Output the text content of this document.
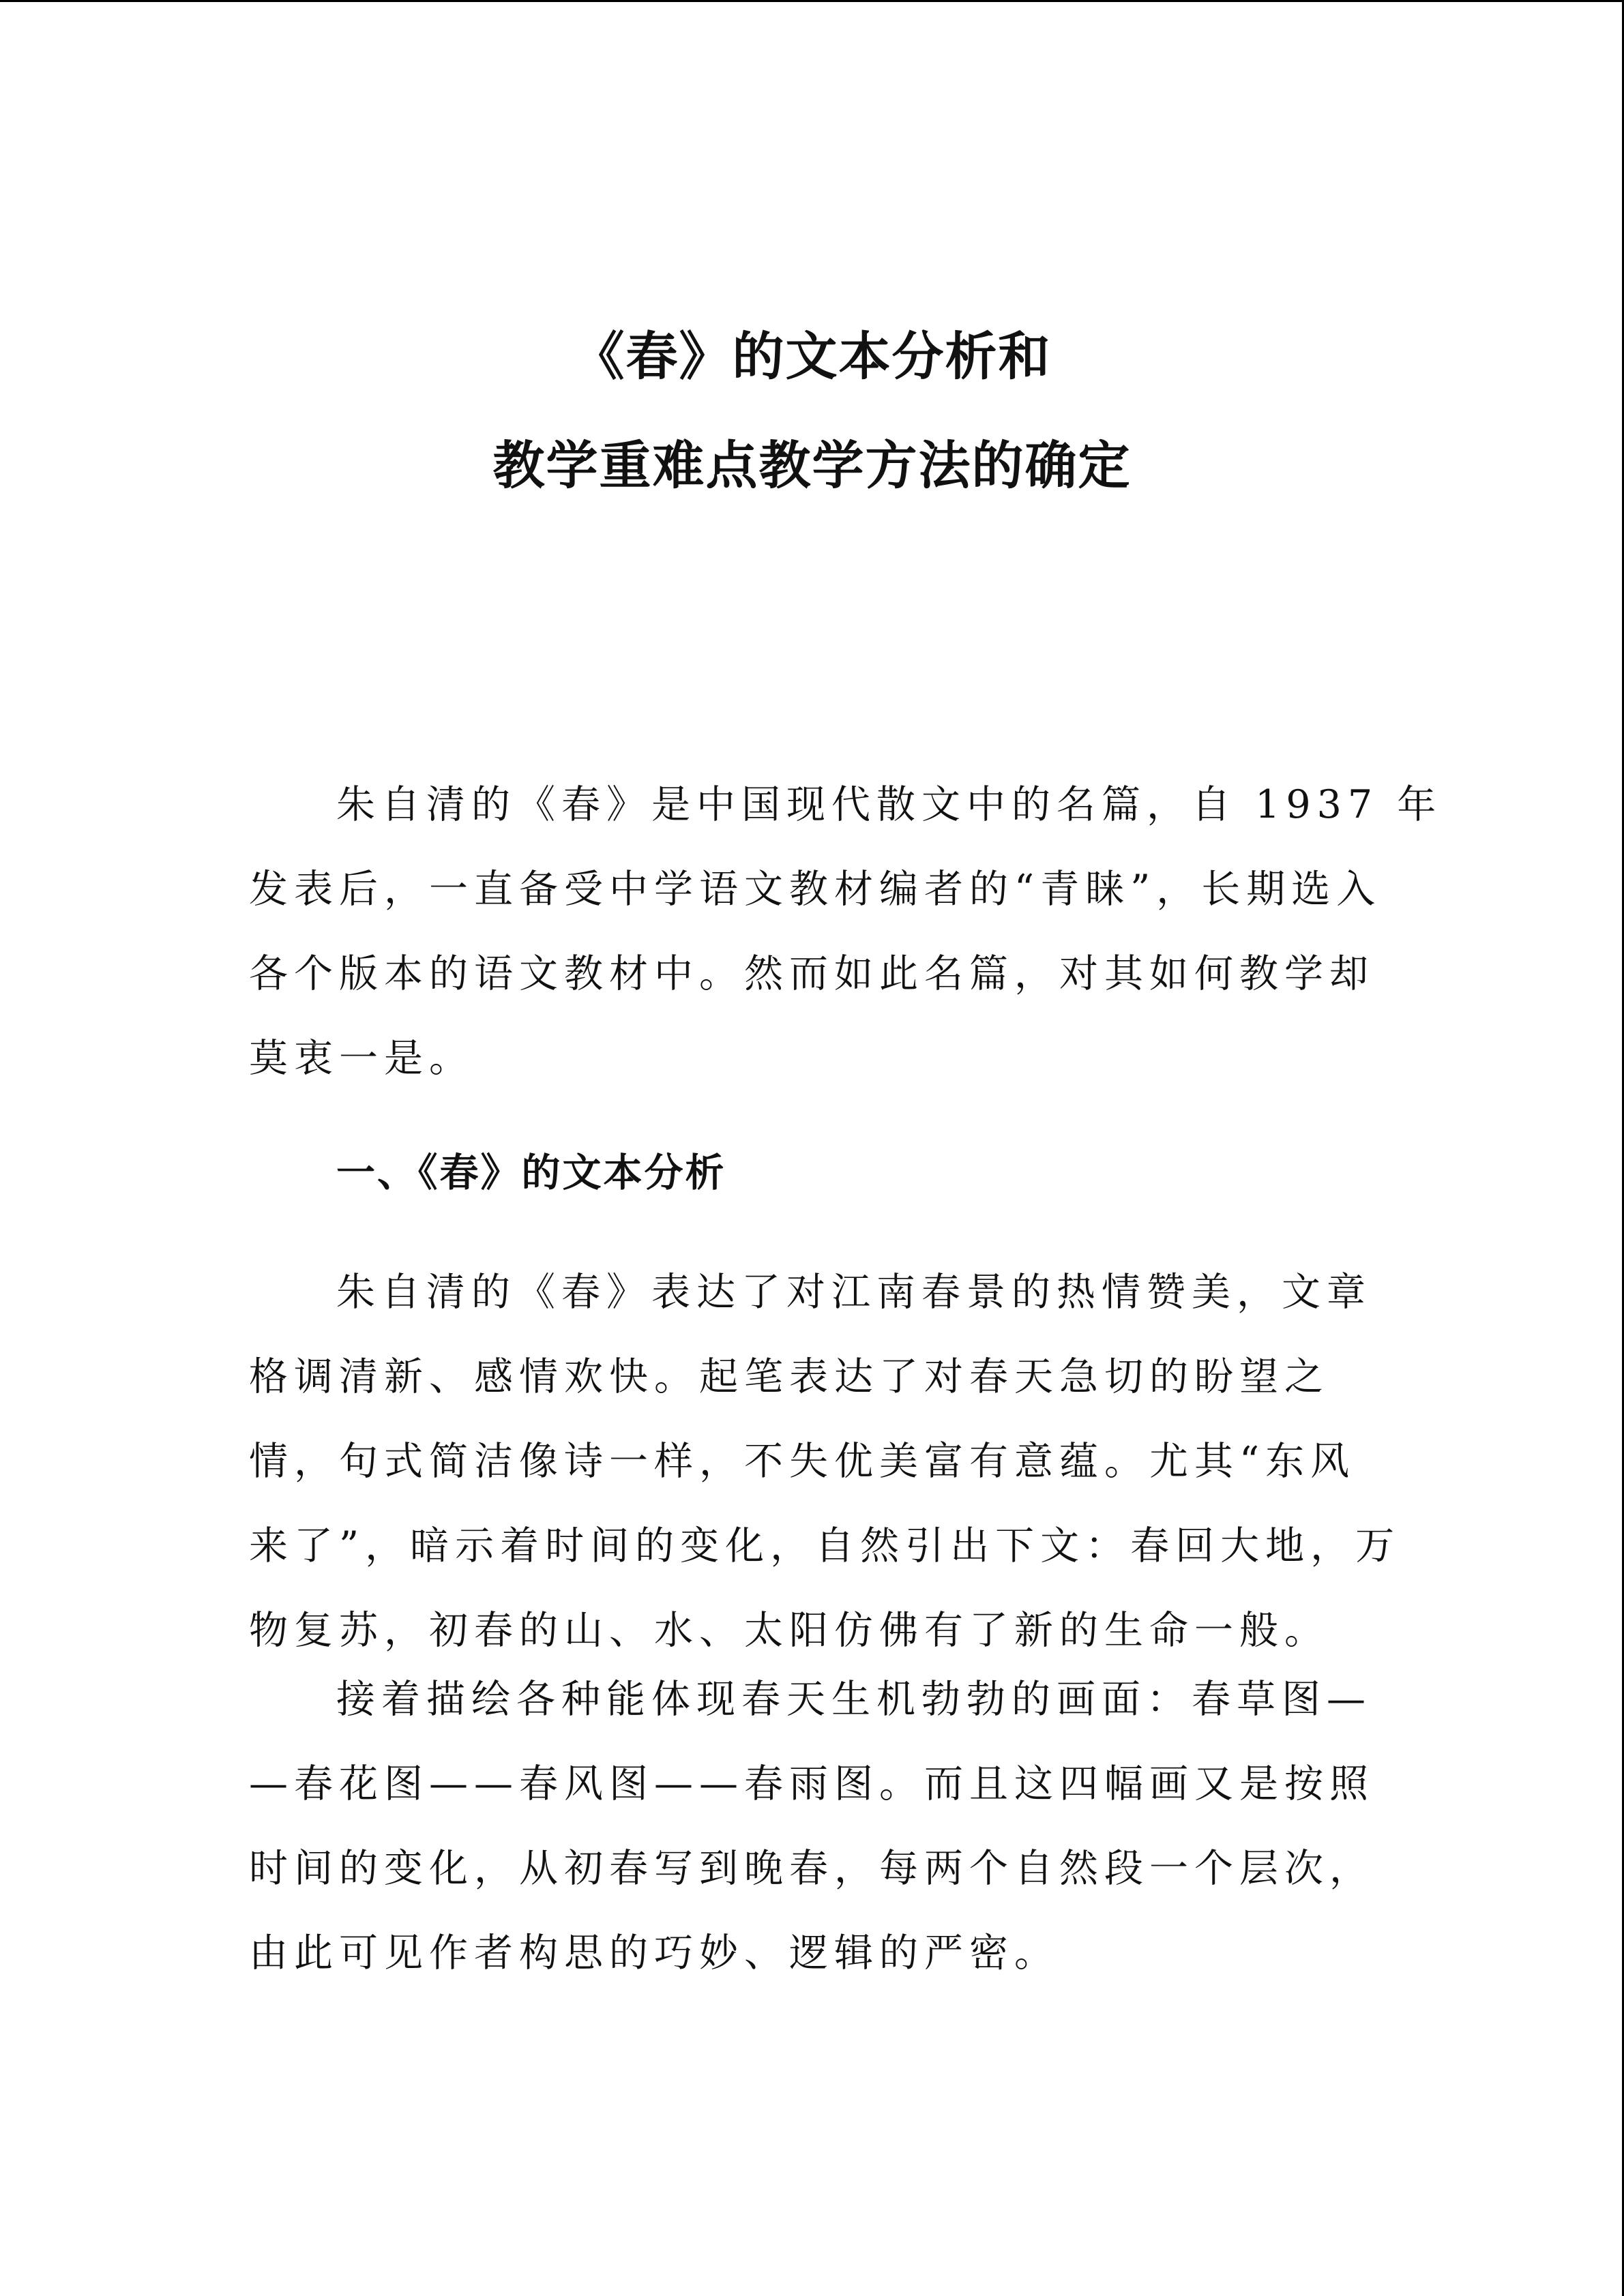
《春》的文本分析和
教学重难点教学方法的确定
朱自清的《春》是中国现代散文中的名篇，自 1937 年
发表后，一直备受中学语文教材编者的“青睐”，长期选入
各个版本的语文教材中。然而如此名篇，对其如何教学却
莫衷一是。
一、《春》的文本分析
朱自清的《春》表达了对江南春景的热情赞美，文章
格调清新、感情欢快。起笔表达了对春天急切的盼望之
情，句式简洁像诗一样，不失优美富有意蕴。尤其“东风
来了”，暗示着时间的变化，自然引出下文：春回大地，万
物复苏，初春的山、水、太阳仿佛有了新的生命一般。
接着描绘各种能体现春天生机勃勃的画面：春草图—
—春花图——春风图——春雨图。而且这四幅画又是按照
时间的变化，从初春写到晚春，每两个自然段一个层次，
由此可见作者构思的巧妙、逻辑的严密。
